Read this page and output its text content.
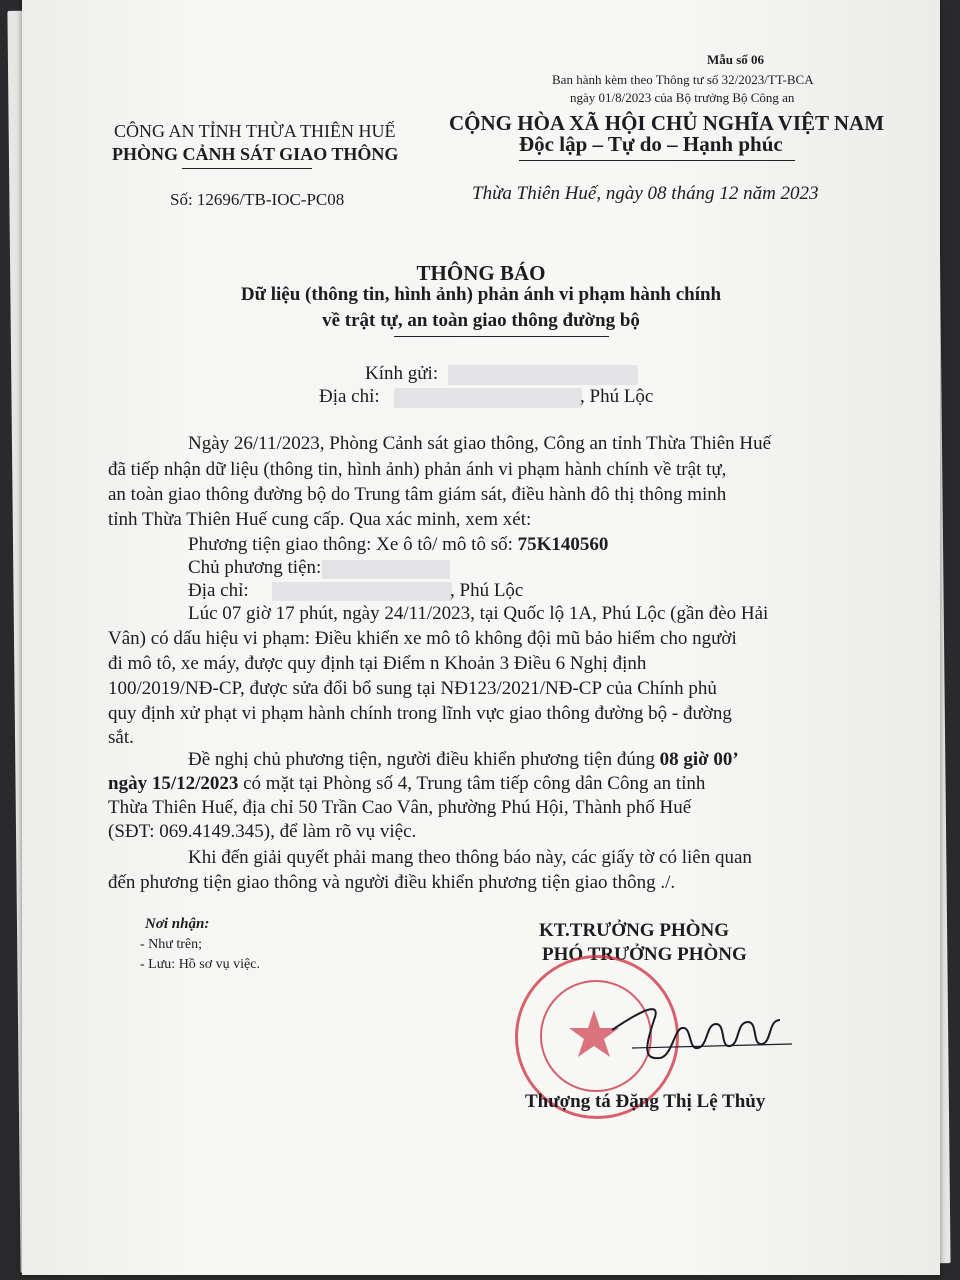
Mẫu số 06
Ban hành kèm theo Thông tư số 32/2023/TT-BCA
ngày 01/8/2023 của Bộ trưởng Bộ Công an
CÔNG AN TỈNH THỪA THIÊN HUẾ
PHÒNG CẢNH SÁT GIAO THÔNG
Số: 12696/TB-IOC-PC08
CỘNG HÒA XÃ HỘI CHỦ NGHĨA VIỆT NAM
Độc lập – Tự do – Hạnh phúc
Thừa Thiên Huế, ngày 08 tháng 12 năm 2023
THÔNG BÁO
Dữ liệu (thông tin, hình ảnh) phản ánh vi phạm hành chính
về trật tự, an toàn giao thông đường bộ
Kính gửi:
Địa chỉ:	, Phú Lộc
Ngày 26/11/2023, Phòng Cảnh sát giao thông, Công an tỉnh Thừa Thiên Huế
đã tiếp nhận dữ liệu (thông tin, hình ảnh) phản ánh vi phạm hành chính về trật tự,
an toàn giao thông đường bộ do Trung tâm giám sát, điều hành đô thị thông minh
tỉnh Thừa Thiên Huế cung cấp. Qua xác minh, xem xét:
Phương tiện giao thông: Xe ô tô/ mô tô số: 75K140560
Chủ phương tiện:
Địa chỉ:	, Phú Lộc
Lúc 07 giờ 17 phút, ngày 24/11/2023, tại Quốc lộ 1A, Phú Lộc (gần đèo Hải
Vân) có dấu hiệu vi phạm: Điều khiển xe mô tô không đội mũ bảo hiểm cho người
đi mô tô, xe máy, được quy định tại Điểm n Khoản 3 Điều 6 Nghị định
100/2019/NĐ-CP, được sửa đổi bổ sung tại NĐ123/2021/NĐ-CP của Chính phủ
quy định xử phạt vi phạm hành chính trong lĩnh vực giao thông đường bộ - đường
sắt.
Đề nghị chủ phương tiện, người điều khiển phương tiện đúng 08 giờ 00’
ngày 15/12/2023 có mặt tại Phòng số 4, Trung tâm tiếp công dân Công an tỉnh
Thừa Thiên Huế, địa chỉ 50 Trần Cao Vân, phường Phú Hội, Thành phố Huế
(SĐT: 069.4149.345), để làm rõ vụ việc.
Khi đến giải quyết phải mang theo thông báo này, các giấy tờ có liên quan
đến phương tiện giao thông và người điều khiển phương tiện giao thông ./.
Nơi nhận:
- Như trên;
- Lưu: Hồ sơ vụ việc.
KT.TRƯỞNG PHÒNG
PHÓ TRƯỞNG PHÒNG
Thượng tá Đặng Thị Lệ Thủy
